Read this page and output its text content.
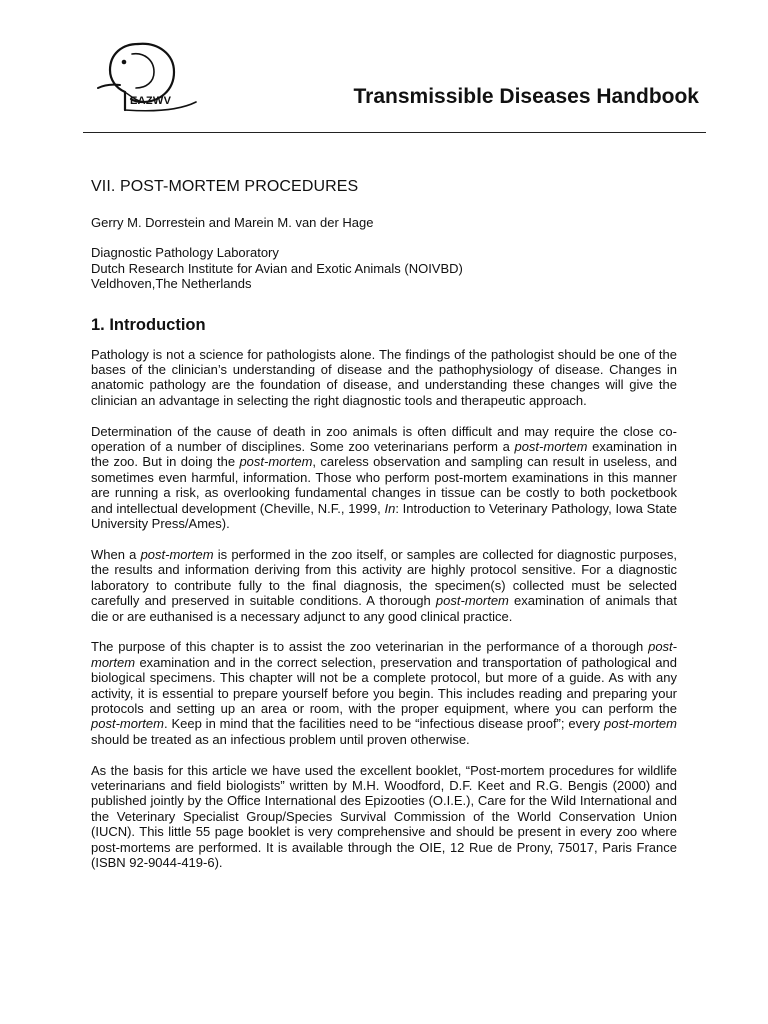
EAZWV	Transmissible Diseases Handbook
VII. POST-MORTEM PROCEDURES

Gerry M. Dorrestein and Marein M. van der Hage

Diagnostic Pathology Laboratory

Dutch Research Institute for Avian and Exotic Animals (NOIVBD)

Veldhoven,The Netherlands

1. Introduction

Pathology is not a science for pathologists alone. The findings of the pathologist should be one of the bases of the clinician’s understanding of disease and the pathophysiology of disease. Changes in anatomic pathology are the foundation of disease, and understanding these changes will give the clinician an advantage in selecting the right diagnostic tools and therapeutic approach.

Determination of the cause of death in zoo animals is often difficult and may require the close co-operation of a number of disciplines. Some zoo veterinarians perform a post-mortem examination in the zoo. But in doing the post-mortem, careless observation and sampling can result in useless, and sometimes even harmful, information. Those who perform post-mortem examinations in this manner are running a risk, as overlooking fundamental changes in tissue can be costly to both pocketbook and intellectual development (Cheville, N.F., 1999, In: Introduction to Veterinary Pathology, Iowa State University Press/Ames).

When a post-mortem is performed in the zoo itself, or samples are collected for diagnostic purposes, the results and information deriving from this activity are highly protocol sensitive. For a diagnostic laboratory to contribute fully to the final diagnosis, the specimen(s) collected must be selected carefully and preserved in suitable conditions. A thorough post-mortem examination of animals that die or are euthanised is a necessary adjunct to any good clinical practice.

The purpose of this chapter is to assist the zoo veterinarian in the performance of a thorough post-mortem examination and in the correct selection, preservation and transportation of pathological and biological specimens. This chapter will not be a complete protocol, but more of a guide. As with any activity, it is essential to prepare yourself before you begin. This includes reading and preparing your protocols and setting up an area or room, with the proper equipment, where you can perform the post-mortem. Keep in mind that the facilities need to be “infectious disease proof”; every post-mortem should be treated as an infectious problem until proven otherwise.

As the basis for this article we have used the excellent booklet, “Post-mortem procedures for wildlife veterinarians and field biologists” written by M.H. Woodford, D.F. Keet and R.G. Bengis (2000) and published jointly by the Office International des Epizooties (O.I.E.), Care for the Wild International and the Veterinary Specialist Group/Species Survival Commission of the World Conservation Union (IUCN). This little 55 page booklet is very comprehensive and should be present in every zoo where post-mortems are performed. It is available through the OIE, 12 Rue de Prony, 75017, Paris France (ISBN 92-9044-419-6).
